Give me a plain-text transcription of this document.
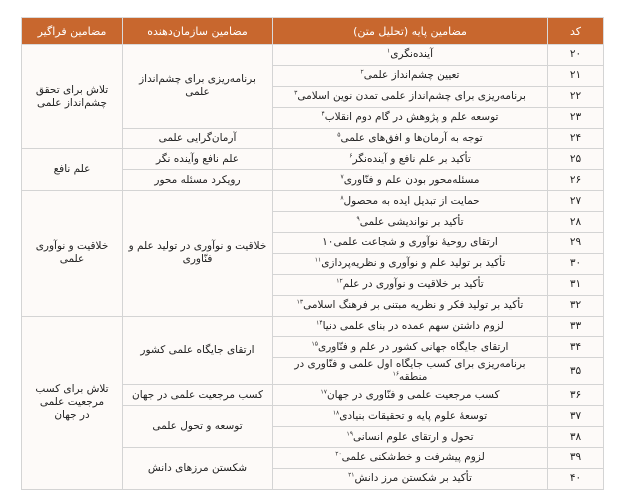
کد	مضامین پایه (تحلیل متن)	مضامین سازمان‌دهنده	مضامین فراگیر
۲۰	آینده‌نگری$^۱$	برنامه‌ریزی برای چشم‌انداز علمی	تلاش برای تحقق چشم‌انداز علمی
۲۱	تعیین چشم‌انداز علمی$^۲$
۲۲	برنامه‌ریزی برای چشم‌انداز علمی تمدن نوین اسلامی$^۳$
۲۳	توسعه علم و پژوهش در گام دوم انقلاب$^۴$
۲۴	توجه به آرمان‌ها و افق‌های علمی$^۵$	آرمان‌گرایی علمی	
۲۵	تأکید بر علم نافع و آینده‌نگر$^۶$	علم نافع وآینده نگر	علم نافع
۲۶	مسئله‌محور بودن علم و فنّاوری$^۷$	رویکرد مسئله محور	
۲۷	حمایت از تبدیل ایده به محصول$^۸$	خلاقیت و نوآوری در تولید علم و فنّاوری	خلاقیت و نوآوری علمی
۲۸	تأکید بر نواندیشی علمی$^۹$
۲۹	ارتقای روحیهٔ نوآوری و شجاعت علمی۱۰		
۳۰	تأکید بر تولید علم و نوآوری و نظریه‌پردازی$^{۱۱}$
۳۱	تأکید بر خلاقیت و نوآوری در علم$^{۱۲}$
۳۲	تأکید بر تولید فکر و نظریه مبتنی بر فرهنگ اسلامی$^{۱۳}$
۳۳	لزوم داشتن سهم عمده در بنای علمی دنیا$^{۱۴}$	ارتقای جایگاه علمی کشور	تلاش برای کسب مرجعیت علمی در جهان
۳۴	ارتقای جایگاه جهانی کشور در علم و فنّاوری$^{۱۵}$
۳۵	برنامه‌ریزی برای کسب جایگاه اول علمی و فنّاوری در منطقه$^{۱۶}$
۳۶	کسب مرجعیت علمی و فنّاوری در جهان$^{۱۷}$	کسب مرجعیت علمی در جهان	
۳۷	توسعهٔ علوم پایه و تحقیقات بنیادی$^{۱۸}$	توسعه و تحول علمی	
۳۸	تحول و ارتقای علوم انسانی$^{۱۹}$
۳۹	لزوم پیشرفت و خط‌شکنی علمی$^{۲۰}$	شکستن مرزهای دانش	
۴۰	تأکید بر شکستن مرز دانش$^{۲۱}$
